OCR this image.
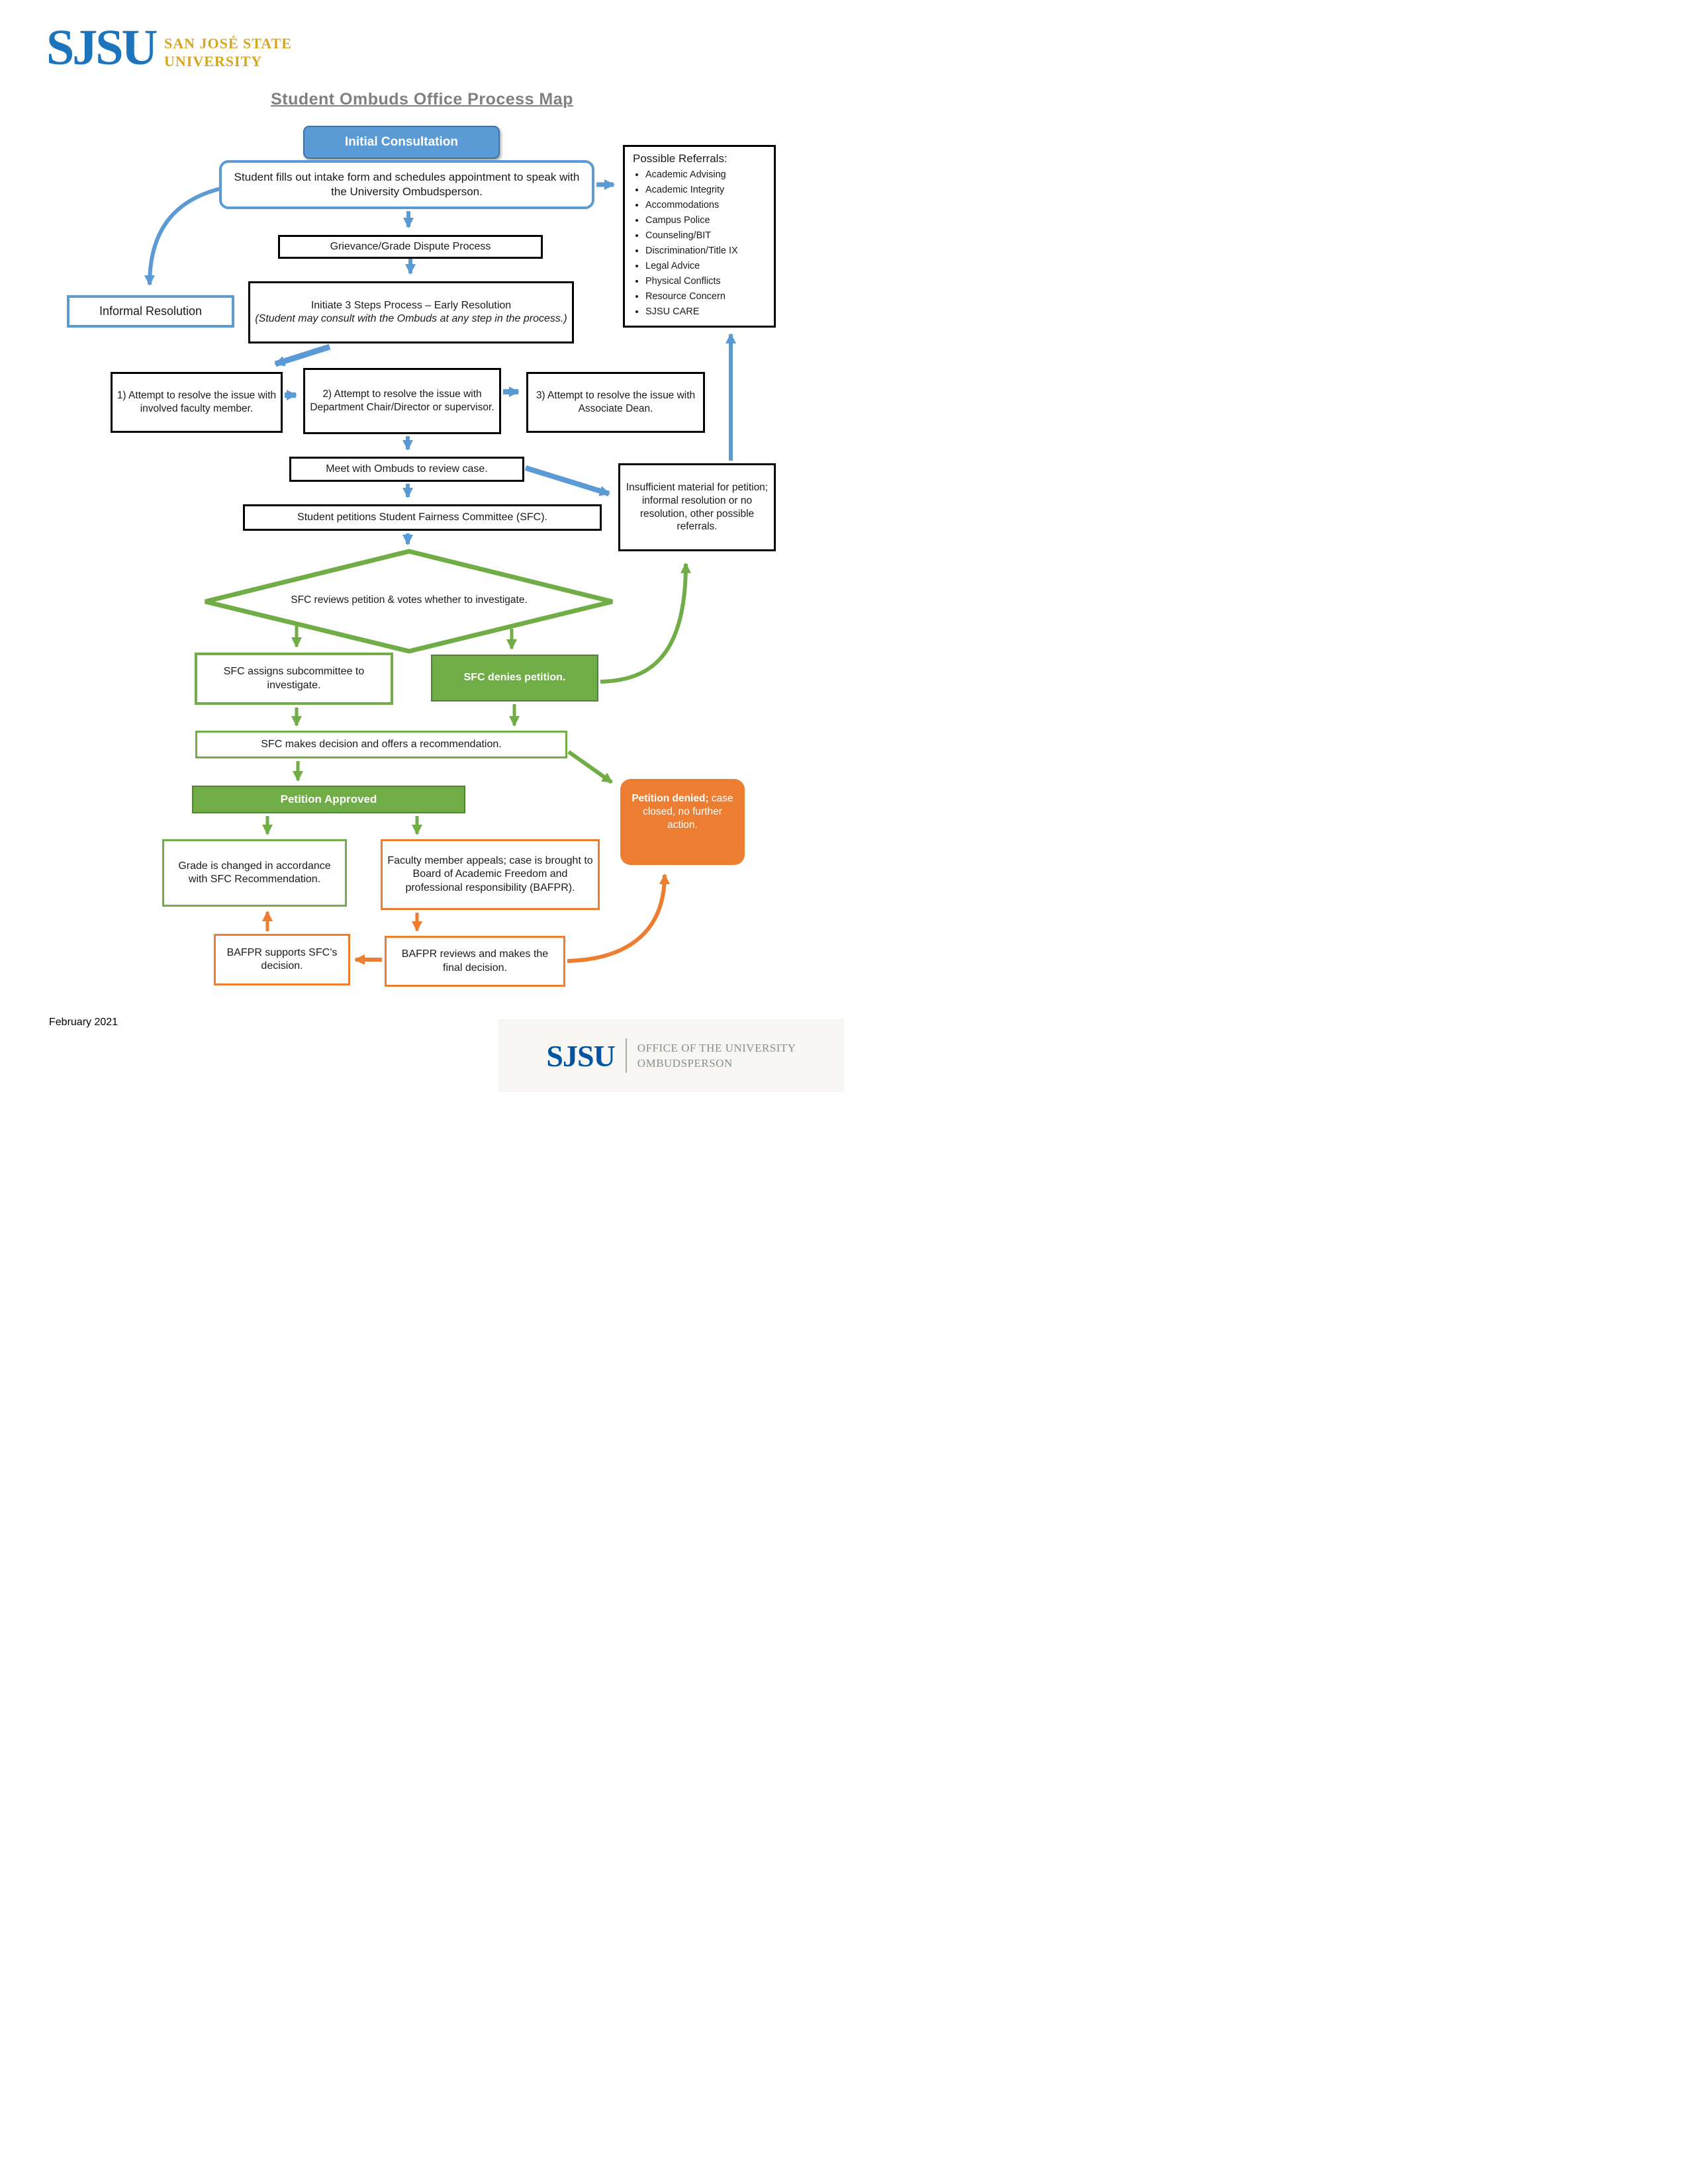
SJSU SAN JOSÉ STATE
UNIVERSITY
Student Ombuds Office Process Map
Initial Consultation
Student fills out intake form and schedules appointment to speak with the University Ombudsperson.
Possible Referrals:
• Academic Advising
• Academic Integrity
• Accommodations
• Campus Police
• Counseling/BIT
• Discrimination/Title IX
• Legal Advice
• Physical Conflicts
• Resource Concern
• SJSU CARE
Grievance/Grade Dispute Process
Initiate 3 Steps Process – Early Resolution
(Student may consult with the Ombuds at any step in the process.)
Informal Resolution
1) Attempt to resolve the issue with involved faculty member.
2) Attempt to resolve the issue with Department Chair/Director or supervisor.
3) Attempt to resolve the issue with Associate Dean.
Meet with Ombuds to review case.
Student petitions Student Fairness Committee (SFC).
Insufficient material for petition; informal resolution or no resolution, other possible referrals.
SFC reviews petition & votes whether to investigate.
SFC assigns subcommittee to investigate.
SFC denies petition.
SFC makes decision and offers a recommendation.
Petition Approved	Petition denied; case closed, no further action.
Grade is changed in accordance with SFC Recommendation.
Faculty member appeals; case is brought to Board of Academic Freedom and professional responsibility (BAFPR).
BAFPR supports SFC’s decision.
BAFPR reviews and makes the final decision.
February 2021
SJSU OFFICE OF THE UNIVERSITY
OMBUDSPERSON
